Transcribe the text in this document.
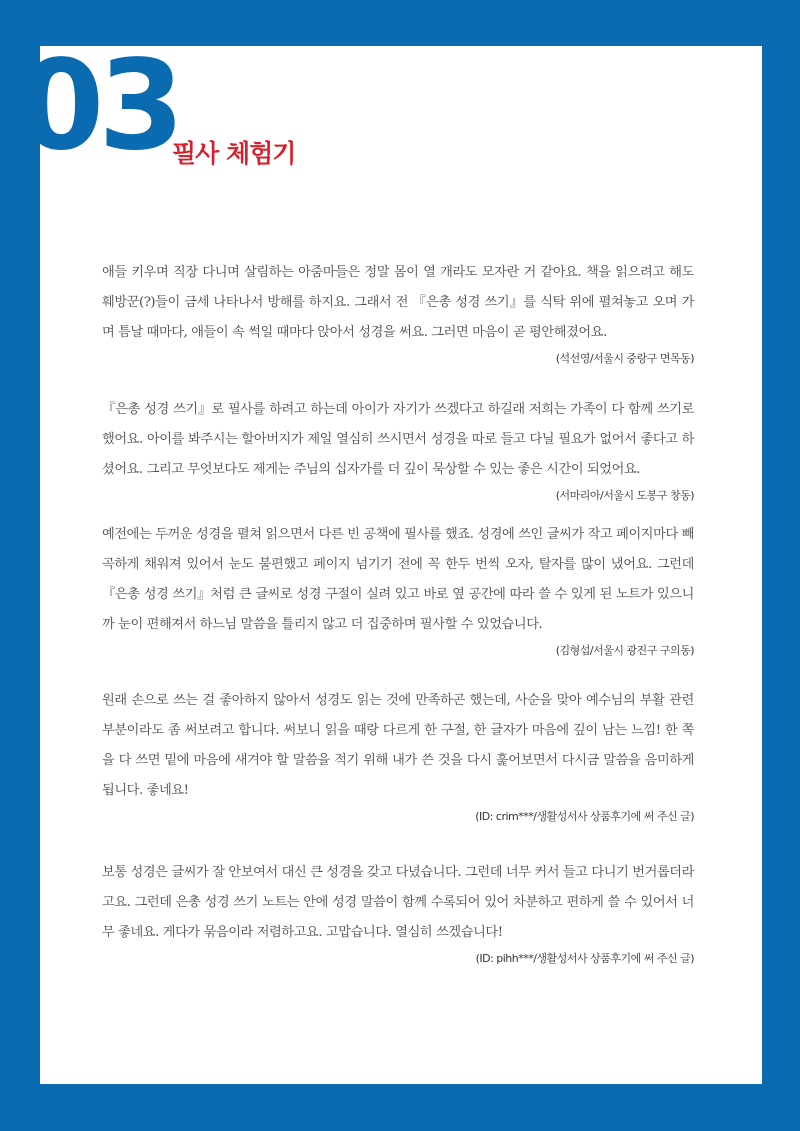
03
필사 체험기

애들 키우며 직장 다니며 살림하는 아줌마들은 정말 몸이 열 개라도 모자란 거 같아요. 책을 읽으려고 해도 훼방꾼(?)들이 금세 나타나서 방해를 하지요. 그래서 전 『은총 성경 쓰기』를 식탁 위에 펼쳐놓고 오며 가며 틈날 때마다, 애들이 속 썩일 때마다 앉아서 성경을 써요. 그러면 마음이 곧 평안해졌어요.

(석선영/서울시 중랑구 면목동)

『은총 성경 쓰기』로 필사를 하려고 하는데 아이가 자기가 쓰겠다고 하길래 저희는 가족이 다 함께 쓰기로 했어요. 아이를 봐주시는 할아버지가 제일 열심히 쓰시면서 성경을 따로 들고 다닐 필요가 없어서 좋다고 하셨어요. 그리고 무엇보다도 제게는 주님의 십자가를 더 깊이 묵상할 수 있는 좋은 시간이 되었어요.

(서마리아/서울시 도봉구 창동)

예전에는 두꺼운 성경을 펼쳐 읽으면서 다른 빈 공책에 필사를 했죠. 성경에 쓰인 글씨가 작고 페이지마다 빼곡하게 채워져 있어서 눈도 불편했고 페이지 넘기기 전에 꼭 한두 번씩 오자, 탈자를 많이 냈어요. 그런데 『은총 성경 쓰기』처럼 큰 글씨로 성경 구절이 실려 있고 바로 옆 공간에 따라 쓸 수 있게 된 노트가 있으니까 눈이 편해져서 하느님 말씀을 틀리지 않고 더 집중하며 필사할 수 있었습니다.

(김형섭/서울시 광진구 구의동)

원래 손으로 쓰는 걸 좋아하지 않아서 성경도 읽는 것에 만족하곤 했는데, 사순을 맞아 예수님의 부활 관련 부분이라도 좀 써보려고 합니다. 써보니 읽을 때랑 다르게 한 구절, 한 글자가 마음에 깊이 남는 느낌! 한 쪽을 다 쓰면 밑에 마음에 새겨야 할 말씀을 적기 위해 내가 쓴 것을 다시 훑어보면서 다시금 말씀을 음미하게 됩니다. 좋네요!

(ID: crim***/생활성서사 상품후기에 써 주신 글)

보통 성경은 글씨가 잘 안보여서 대신 큰 성경을 갖고 다녔습니다. 그런데 너무 커서 들고 다니기 번거롭더라고요. 그런데 은총 성경 쓰기 노트는 안에 성경 말씀이 함께 수록되어 있어 차분하고 편하게 쓸 수 있어서 너무 좋네요. 게다가 묶음이라 저렴하고요. 고맙습니다. 열심히 쓰겠습니다!

(ID: pihh***/생활성서사 상품후기에 써 주신 글)
